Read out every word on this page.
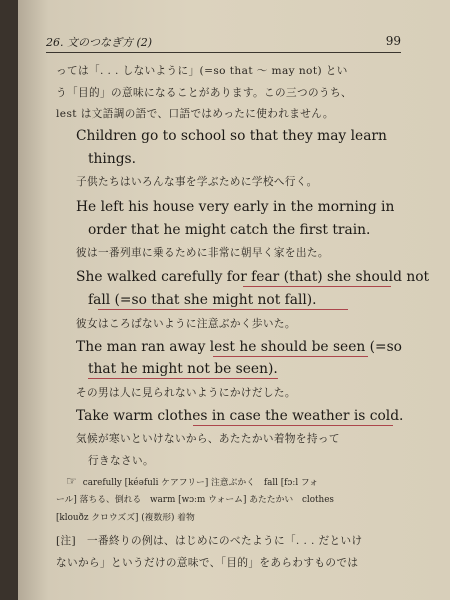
26. 文のつなぎ方 (2)	99
っては「. . . しないように」(=so that ～ may not) とい
う「目的」の意味になることがあります。この三つのうち、
lest は文語調の語で、口語ではめったに使われません。
Children go to school so that they may learn
things.
子供たちはいろんな事を学ぶために学校へ行く。
He left his house very early in the morning in
order that he might catch the first train.
彼は一番列車に乗るために非常に朝早く家を出た。
She walked carefully for fear (that) she should not
fall (=so that she might not fall).
彼女はころばないように注意ぶかく歩いた。
The man ran away lest he should be seen (=so
that he might not be seen).
その男は人に見られないようにかけだした。
Take warm clothes in case the weather is cold.
気候が寒いといけないから、あたたかい着物を持って
行きなさい。
☞ carefully [kéəfuli ケアフリー] 注意ぶかく　fall [fɔːl フォ
ール] 落ちる、倒れる　warm [wɔːm ウォーム] あたたかい　clothes
[klouðz クロウズズ] (複数形) 着物
[注]　一番終りの例は、はじめにのべたように「. . . だといけ
ないから」というだけの意味で、「目的」をあらわすものでは
